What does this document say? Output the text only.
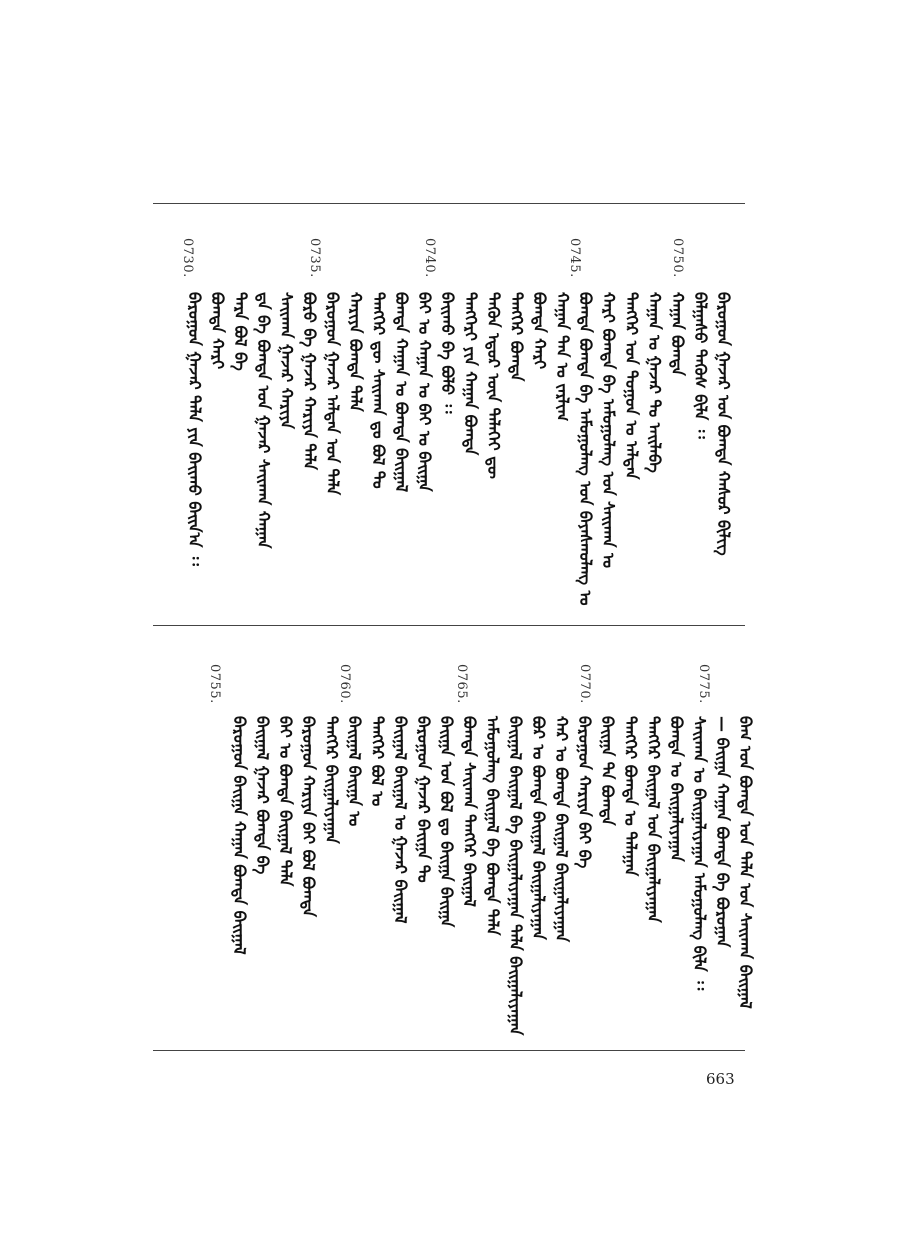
0750.
0745.
0740.
0735.
0730.
ᠪᠠᠷᠤᠭᠤᠨ ᠭᠠᠵᠠᠷ ᠤᠨ ᠪᠣᠭᠳᠠ ᠬᠠᠰᠣᠷ ᠪᠢᠯᠢᠭ
ᠪᠠᠯᠭᠠᠰᠤ ᠲᠡᠭᠦᠰ ᠪᠢᠯᠡ ᠄᠄
ᠬᠠᠭᠠᠨ ᠪᠣᠭᠳᠠ
ᠬᠠᠭᠠᠨ ᠤ ᠭᠠᠵᠠᠷ ᠲᠤ ᠠᠢᠯᠠᠪᠠ
ᠲᠡᠩᠭᠡᠷ ᠤᠨ ᠲᠣᠭᠣᠨ ᠤ ᠠᠯᠲᠠᠨ
ᠬᠠᠷᠢ ᠪᠣᠭᠳᠠ ᠪᠠ ᠠᠮᠤᠭᠤᠯᠠᠩ ᠤᠨ ᠰᠠᠢᠬᠠᠨ ᠤ
ᠪᠣᠭᠳᠠ ᠪᠣᠭᠳᠠ ᠪᠠ ᠠᠮᠤᠭᠤᠯᠠᠩ ᠤᠨ ᠪᠠᠶᠠᠰᠬᠤᠯᠠᠩ ᠤ
ᠬᠠᠭᠠᠨ ᠲᠡᠨ ᠤ ᠵᠠᠷᠯᠢᠭ
ᠪᠣᠭᠳᠠ ᠬᠠᠷᠢ
ᠲᠡᠩᠭᠡᠷ ᠪᠣᠭᠳᠠ
ᠲᠡᠭᠦᠨ ᠡᠳᠦᠷ ᠦᠨ ᠳᠡᠯᠡᠬᠡᠢ ᠳᠦ
ᠲᠡᠩᠭᠡᠷᠢ ᠶᠢᠨ ᠬᠠᠭᠠᠨ ᠪᠣᠭᠳᠠ
ᠪᠠᠢᠬᠤ ᠪᠠ ᠪᠣᠯᠤ ᠄᠄
ᠪᠠᠢ ᠤ ᠬᠠᠭᠠᠨ ᠤ ᠪᠠᠢ ᠤ ᠪᠠᠢᠭᠠ
ᠪᠣᠭᠳᠠ ᠬᠠᠭᠠᠨ ᠤ ᠪᠣᠭᠳᠠ ᠪᠠᠢᠭᠠᠯ
ᠲᠡᠩᠭᠡᠷ ᠳᠦ ᠰᠠᠢᠬᠠᠨ ᠳᠤ ᠪᠣᠯ ᠲᠤ
ᠬᠠᠷᠢᠶᠠ ᠪᠣᠭᠳᠠ ᠲᠠᠯᠠ
ᠪᠠᠷᠤᠭᠤᠨ ᠭᠠᠵᠠᠷ ᠠᠯᠲᠠᠨ ᠤᠨ ᠲᠠᠯᠠ
ᠪᠣᠷᠣ ᠪᠠ ᠭᠠᠵᠠᠷ ᠬᠠᠷᠢᠶᠠ ᠲᠠᠯᠠ
ᠰᠠᠢᠬᠠᠨ ᠭᠠᠵᠠᠷ ᠬᠠᠷᠢᠶᠠ
ᠳᠠ ᠪᠠ ᠪᠣᠭᠳᠠ ᠤᠨ ᠭᠠᠵᠠᠷ ᠰᠠᠢᠬᠠᠨ ᠬᠠᠭᠠᠨ
ᠲᠡᠷᠡ ᠪᠣᠯ ᠪᠠ
ᠪᠣᠭᠳᠠ ᠬᠠᠷᠢ
ᠪᠠᠷᠤᠭᠤᠨ ᠭᠠᠵᠠᠷ ᠲᠠᠯᠠ ᠶᠢᠨ ᠪᠠᠢᠬᠤ ᠪᠠᠢᠨ᠎ᠠ ᠄᠄
0775.
0770.
0765.
0760.
0755.
ᠪᠠᠭ ᠤᠨ ᠪᠣᠭᠳᠠ ᠤᠨ ᠲᠠᠯᠠ ᠤᠨ ᠰᠠᠢᠬᠠᠨ ᠪᠠᠢᠭᠠᠯ
— ᠪᠠᠢᠭᠠ ᠬᠠᠭᠠᠨ ᠪᠣᠭᠳᠠ ᠪᠠ ᠪᠣᠷᠣᠭᠠᠨ
ᠰᠠᠢᠬᠠᠨ ᠤ ᠪᠠᠢᠭᠠᠯᠢᠶᠠᠭᠠᠨ ᠠᠮᠤᠭᠤᠯᠠᠩ ᠪᠢᠯᠡ ᠄᠄
ᠪᠣᠭᠳᠠ ᠤ ᠪᠠᠢᠭᠠᠯᠢᠶᠠᠭᠠᠨ
ᠲᠡᠩᠭᠡᠷ ᠪᠠᠢᠭᠠᠯ ᠤᠨ ᠪᠠᠢᠭᠠᠯᠢᠶᠠᠭᠠᠨ
ᠲᠡᠩᠭᠡᠷ ᠪᠣᠭᠳᠠ ᠤ ᠲᠠᠯᠠᠭᠠᠨ
ᠪᠠᠢᠭᠠ ᠲᠠ ᠪᠣᠭᠳᠠ
ᠪᠠᠷᠤᠭᠤᠨ ᠬᠠᠷᠢᠶᠠ ᠪᠠᠢ ᠪᠠ
ᠬᠠᠷ ᠤ ᠪᠣᠭᠳᠠ ᠪᠠᠢᠭᠠᠯ ᠪᠠᠢᠭᠠᠯᠢᠶᠠᠭᠠᠨ
ᠪᠣᠷ ᠤ ᠪᠣᠭᠳᠠ ᠪᠠᠢᠭᠠᠯ ᠪᠠᠢᠭᠠᠯᠢᠶᠠᠭᠠᠨ
ᠪᠠᠢᠭᠠᠯ ᠪᠠᠢᠭᠠᠯ ᠪᠠ ᠪᠠᠢᠭᠠᠯᠢᠶᠠᠭᠠᠨ ᠲᠠᠯᠠ ᠪᠠᠢᠭᠠᠯᠢᠶᠠᠭᠠᠨ
ᠠᠮᠤᠭᠤᠯᠠᠩ ᠪᠠᠢᠭᠠᠯ ᠪᠠ ᠪᠣᠭᠳᠠ ᠲᠠᠯᠠ
ᠪᠣᠭᠳᠠ ᠰᠠᠢᠬᠠᠨ ᠲᠡᠩᠭᠡᠷ ᠪᠠᠢᠭᠠᠯ
ᠪᠠᠢᠭᠠ ᠤᠨ ᠪᠣᠯ ᠳᠤ ᠪᠠᠢᠭᠠ ᠪᠠᠢᠭᠠ
ᠪᠠᠷᠤᠭᠤᠨ ᠭᠠᠵᠠᠷ ᠪᠠᠢᠭᠠ ᠲᠤ
ᠪᠠᠢᠭᠠᠯ ᠪᠠᠢᠭᠠᠯ ᠤ ᠭᠠᠵᠠᠷ ᠪᠠᠢᠭᠠᠯ
ᠲᠡᠩᠭᠡᠷ ᠪᠣᠯ ᠤ
ᠪᠠᠢᠭᠠᠯ ᠪᠠᠢᠭᠠ ᠤ
ᠲᠡᠩᠭᠡᠷ ᠪᠠᠢᠭᠠᠯᠢᠶᠠᠭᠠᠨ
ᠪᠠᠷᠤᠭᠤᠨ ᠬᠠᠷᠢᠶᠠ ᠪᠠᠢ ᠪᠣᠯ ᠪᠣᠭᠳᠠ
ᠪᠠᠢ ᠤ ᠪᠣᠭᠳᠠ ᠪᠠᠢᠭᠠᠯ ᠲᠠᠯᠠ
ᠪᠠᠢᠭᠠᠯ ᠭᠠᠵᠠᠷ ᠪᠣᠭᠳᠠ ᠪᠠ
ᠪᠠᠷᠤᠭᠤᠨ ᠪᠠᠢᠭᠠ ᠬᠠᠭᠠᠨ ᠪᠣᠭᠳᠠ ᠪᠠᠢᠭᠠᠯ
663
